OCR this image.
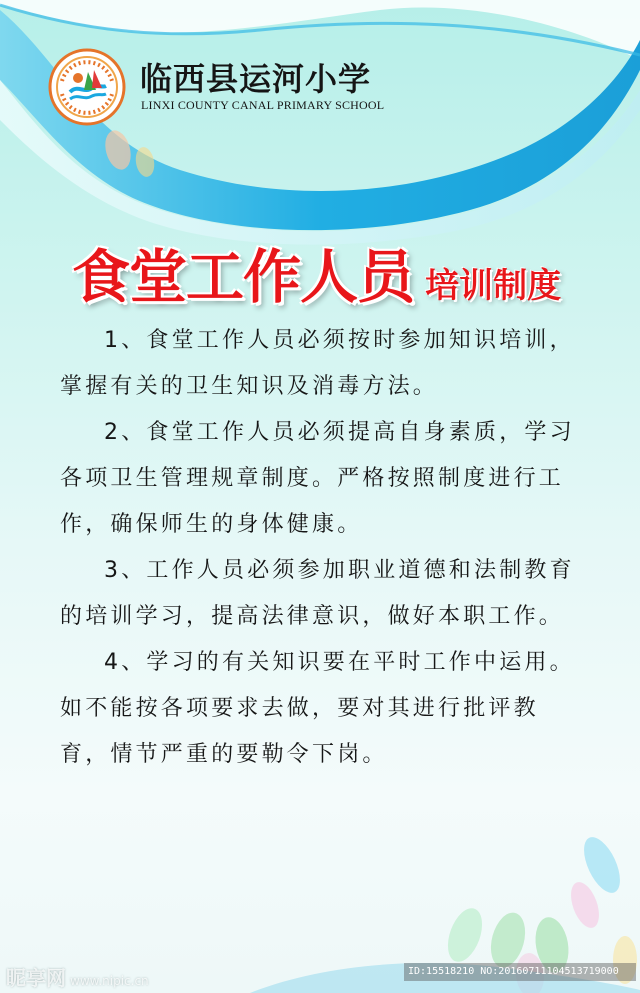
临西县运河小学
LINXI COUNTY CANAL PRIMARY SCHOOL
食堂工作人员 培训制度

1、食堂工作人员必须按时参加知识培训，掌握有关的卫生知识及消毒方法。

2、食堂工作人员必须提高自身素质，学习各项卫生管理规章制度。严格按照制度进行工作，确保师生的身体健康。

3、工作人员必须参加职业道德和法制教育的培训学习，提高法律意识，做好本职工作。

4、学习的有关知识要在平时工作中运用。如不能按各项要求去做，要对其进行批评教育，情节严重的要勒令下岗。

昵享网 www.nipic.cn
ID:15518210 NO:20160711104513719000
